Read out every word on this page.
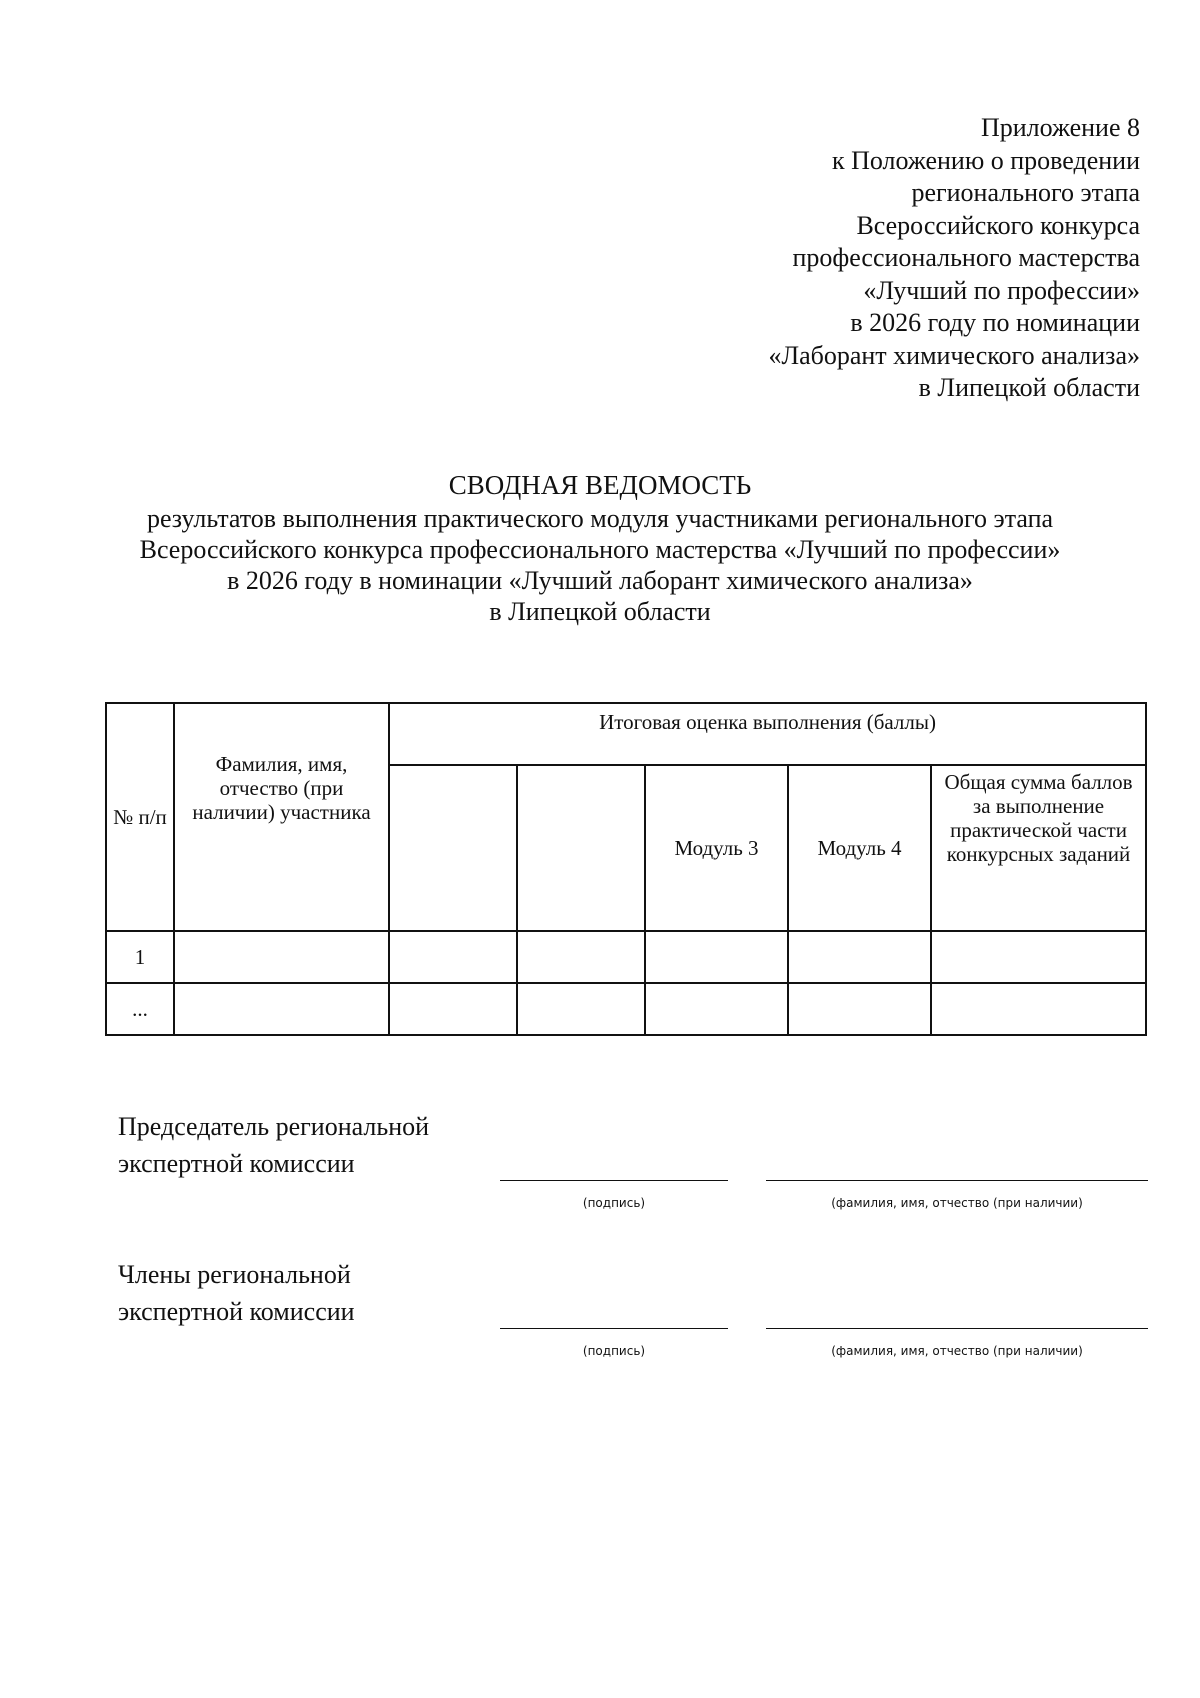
Приложение 8
к Положению о проведении
регионального этапа
Всероссийского конкурса
профессионального мастерства
«Лучший по профессии»
в 2026 году по номинации
«Лаборант химического анализа»
в Липецкой области
СВОДНАЯ ВЕДОМОСТЬ
результатов выполнения практического модуля участниками регионального этапа
Всероссийского конкурса профессионального мастерства «Лучший по профессии»
в 2026 году в номинации «Лучший лаборант химического анализа»
в Липецкой области
№ п/п	Фамилия, имя, отчество (при наличии) участника	Итоговая оценка выполнения (баллы)				
				Модуль 3	Модуль 4	Общая сумма баллов за выполнение практической части конкурсных заданий
1						
...						
Председатель региональной
экспертной комиссии
(подпись)	(фамилия, имя, отчество (при наличии)
Члены региональной
экспертной комиссии
(подпись)	(фамилия, имя, отчество (при наличии)
